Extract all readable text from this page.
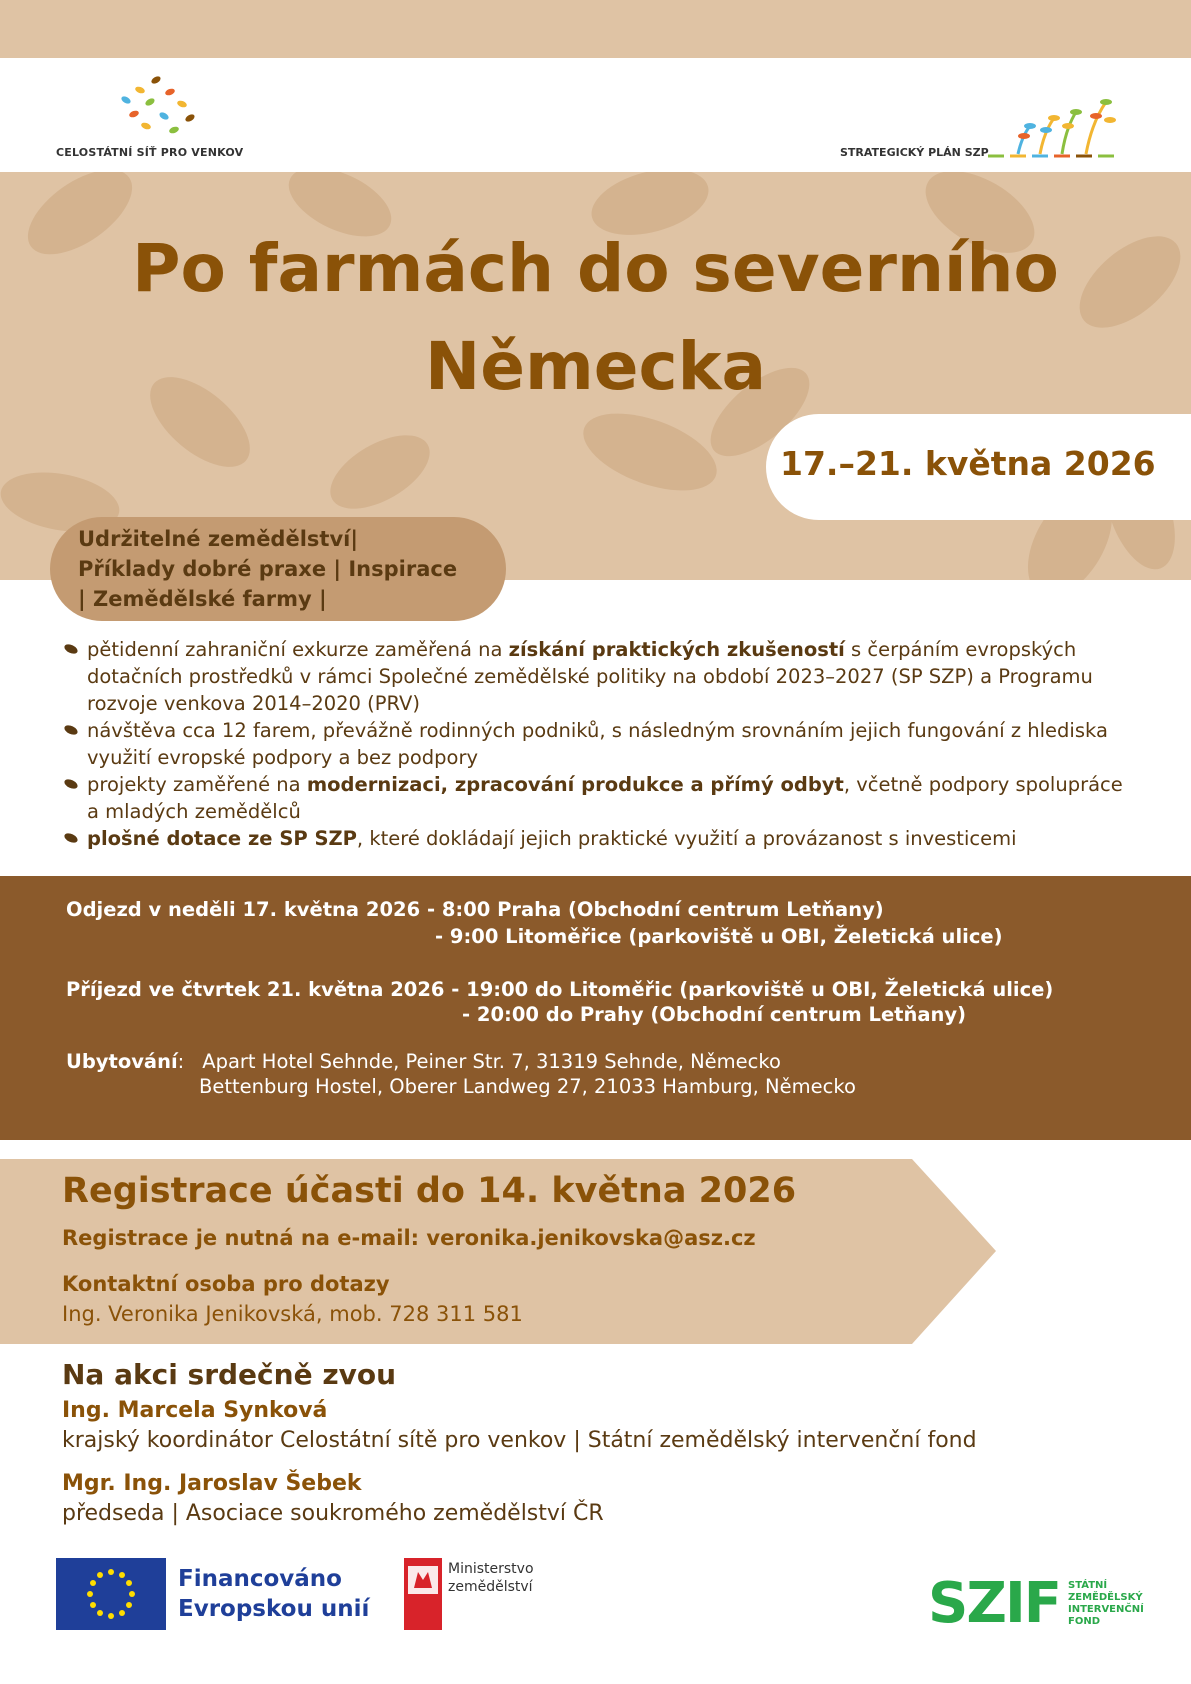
CELOSTÁTNÍ SÍŤ PRO VENKOV	STRATEGICKÝ PLÁN SZP
Po farmách do severního
Německa
17.–21. května 2026
Udržitelné zemědělství|
Příklady dobré praxe | Inspirace
| Zemědělské farmy |
pětidenní zahraniční exkurze zaměřená na získání praktických zkušeností s čerpáním evropských
dotačních prostředků v rámci Společné zemědělské politiky na období 2023–2027 (SP SZP) a Programu
rozvoje venkova 2014–2020 (PRV)
návštěva cca 12 farem, převážně rodinných podniků, s následným srovnáním jejich fungování z hlediska
využití evropské podpory a bez podpory
projekty zaměřené na modernizaci, zpracování produkce a přímý odbyt, včetně podpory spolupráce
a mladých zemědělců
plošné dotace ze SP SZP, které dokládají jejich praktické využití a provázanost s investicemi
Odjezd v neděli 17. května 2026 - 8:00 Praha (Obchodní centrum Letňany)
- 9:00 Litoměřice (parkoviště u OBI, Želetická ulice)
Příjezd ve čtvrtek 21. května 2026 - 19:00 do Litoměřic (parkoviště u OBI, Želetická ulice)
- 20:00 do Prahy (Obchodní centrum Letňany)
Ubytování: Apart Hotel Sehnde, Peiner Str. 7, 31319 Sehnde, Německo
Bettenburg Hostel, Oberer Landweg 27, 21033 Hamburg, Německo
Registrace účasti do 14. května 2026
Registrace je nutná na e-mail: veronika.jenikovska@asz.cz
Kontaktní osoba pro dotazy
Ing. Veronika Jenikovská, mob. 728 311 581
Na akci srdečně zvou
Ing. Marcela Synková
krajský koordinátor Celostátní sítě pro venkov | Státní zemědělský intervenční fond
Mgr. Ing. Jaroslav Šebek
předseda | Asociace soukromého zemědělství ČR
Financováno
Evropskou unií
Ministerstvo
zemědělství	SZIF STÁTNÍ
ZEMĚDĚLSKÝ
INTERVENČNÍ
FOND
